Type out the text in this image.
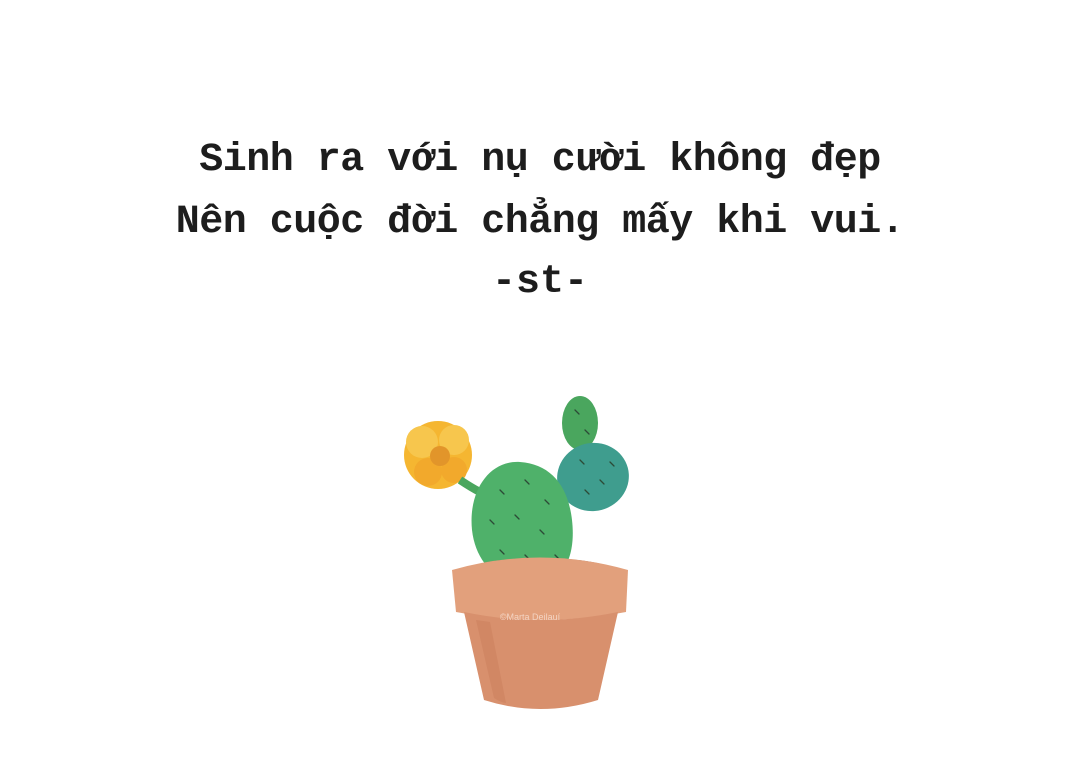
Sinh ra với nụ cười không đẹp
Nên cuộc đời chẳng mấy khi vui.
-st-
©Marta Deilauí
